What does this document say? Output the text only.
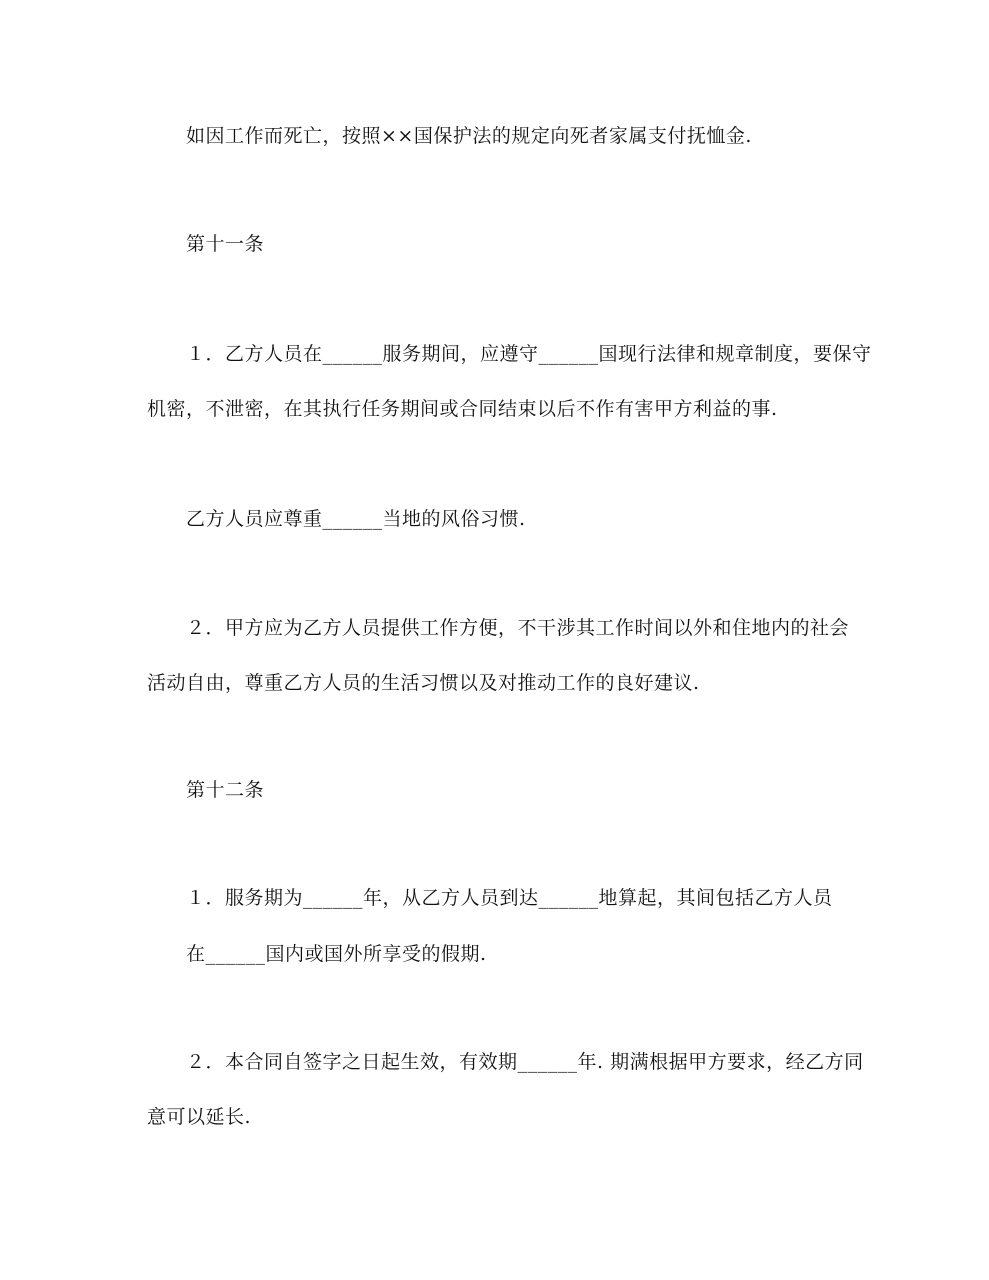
如因工作而死亡，按照××国保护法的规定向死者家属支付抚恤金.
第十一条
１．乙方人员在______服务期间，应遵守______国现行法律和规章制度，要保守
机密，不泄密，在其执行任务期间或合同结束以后不作有害甲方利益的事.
乙方人员应尊重______当地的风俗习惯.
２．甲方应为乙方人员提供工作方便，不干涉其工作时间以外和住地内的社会
活动自由，尊重乙方人员的生活习惯以及对推动工作的良好建议.
第十二条
１．服务期为______年，从乙方人员到达______地算起，其间包括乙方人员
在______国内或国外所享受的假期.
２．本合同自签字之日起生效，有效期______年. 期满根据甲方要求，经乙方同
意可以延长.
